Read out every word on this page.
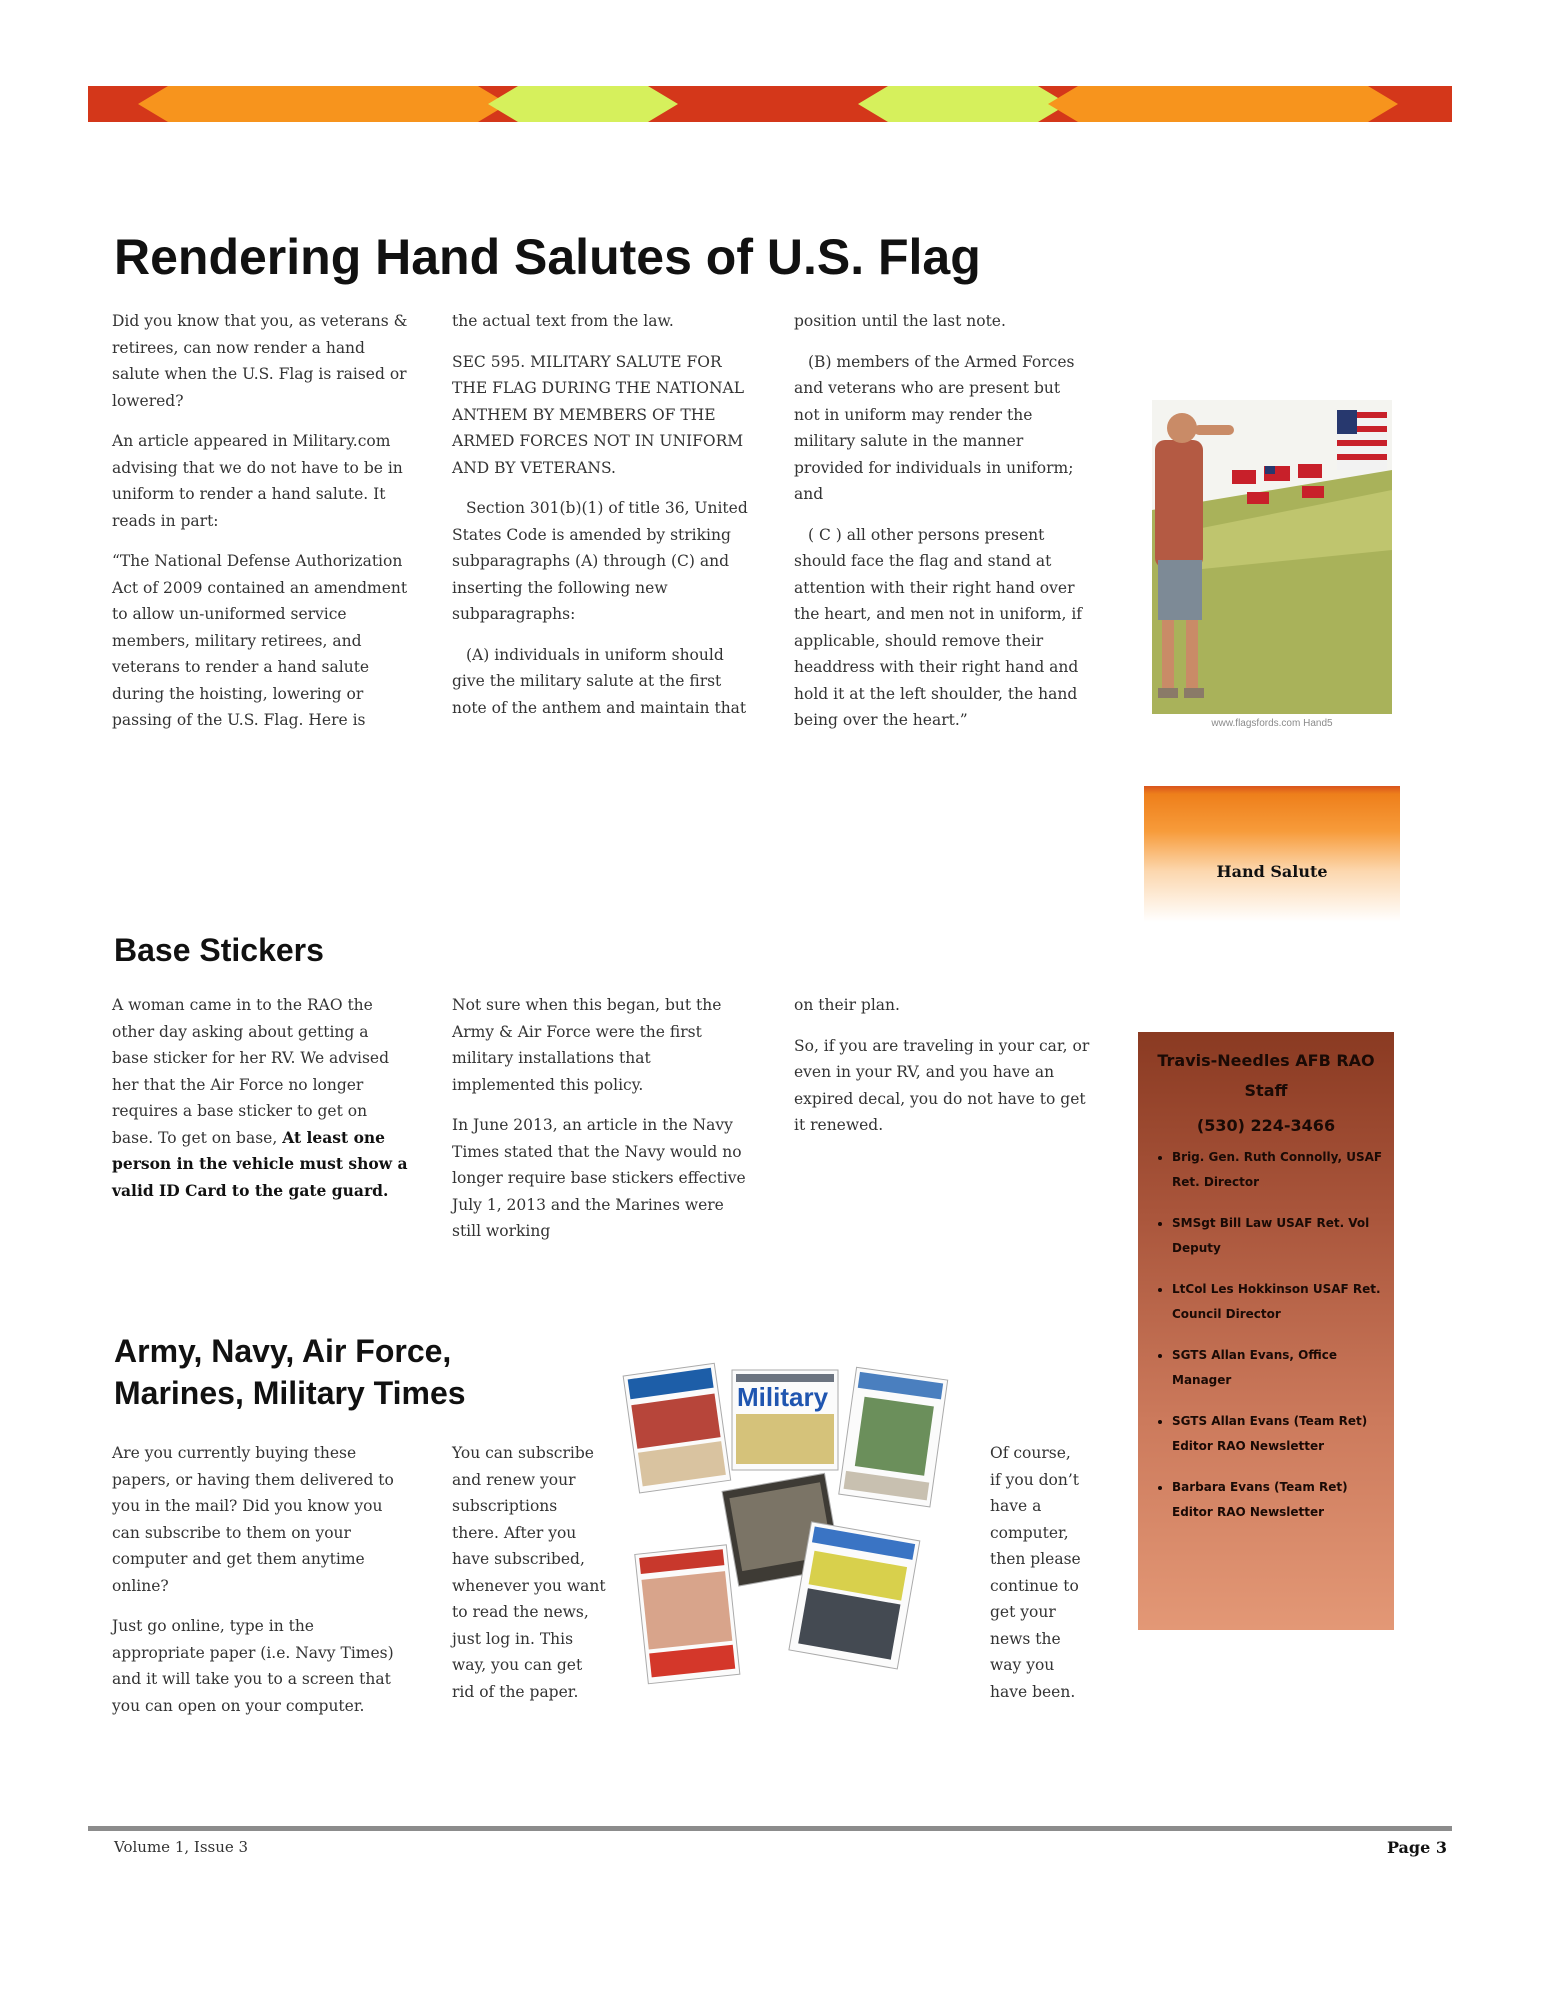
Rendering Hand Salutes of U.S. Flag

Did you know that you, as veterans & retirees, can now render a hand salute when the U.S. Flag is raised or lowered?

An article appeared in Military.com advising that we do not have to be in uniform to render a hand salute. It reads in part:

“The National Defense Authorization Act of 2009 contained an amendment to allow un-uniformed service members, military retirees, and veterans to render a hand salute during the hoisting, lowering or passing of the U.S. Flag. Here is

the actual text from the law.

SEC 595. MILITARY SALUTE FOR THE FLAG DURING THE NATIONAL ANTHEM BY MEMBERS OF THE ARMED FORCES NOT IN UNIFORM AND BY VETERANS.

Section 301(b)(1) of title 36, United States Code is amended by striking subparagraphs (A) through (C) and inserting the following new subparagraphs:

(A) individuals in uniform should give the military salute at the first note of the anthem and maintain that

position until the last note.

(B) members of the Armed Forces and veterans who are present but not in uniform may render the military salute in the manner provided for individuals in uniform; and

( C ) all other persons present should face the flag and stand at attention with their right hand over the heart, and men not in uniform, if applicable, should remove their headdress with their right hand and hold it at the left shoulder, the hand being over the heart.”	www.flagsfords.com Hand5
Hand Salute
Base Stickers

A woman came in to the RAO the other day asking about getting a base sticker for her RV. We advised her that the Air Force no longer requires a base sticker to get on base. To get on base, At least one person in the vehicle must show a valid ID Card to the gate guard.

Not sure when this began, but the Army & Air Force were the first military installations that implemented this policy.

In June 2013, an article in the Navy Times stated that the Navy would no longer require base stickers effective July 1, 2013 and the Marines were still working

on their plan.

So, if you are traveling in your car, or even in your RV, and you have an expired decal, you do not have to get it renewed.

Army, Navy, Air Force, Marines, Military Times

Are you currently buying these papers, or having them delivered to you in the mail? Did you know you can subscribe to them on your computer and get them anytime online?

Just go online, type in the appropriate paper (i.e. Navy Times) and it will take you to a screen that you can open on your computer.

You can subscribe and renew your subscriptions there. After you have subscribed, whenever you want to read the news, just log in. This way, you can get rid of the paper.

Of course, if you don’t have a computer, then please continue to get your news the way you have been.

Military
Travis-Needles AFB RAO Staff
(530) 224-3466
• Brig. Gen. Ruth Connolly, USAF Ret. Director
• SMSgt Bill Law USAF Ret. Vol Deputy
• LtCol Les Hokkinson USAF Ret. Council Director
• SGTS Allan Evans, Office Manager
• SGTS Allan Evans (Team Ret) Editor RAO Newsletter
• Barbara Evans (Team Ret) Editor RAO Newsletter
Volume 1, Issue 3	Page 3
